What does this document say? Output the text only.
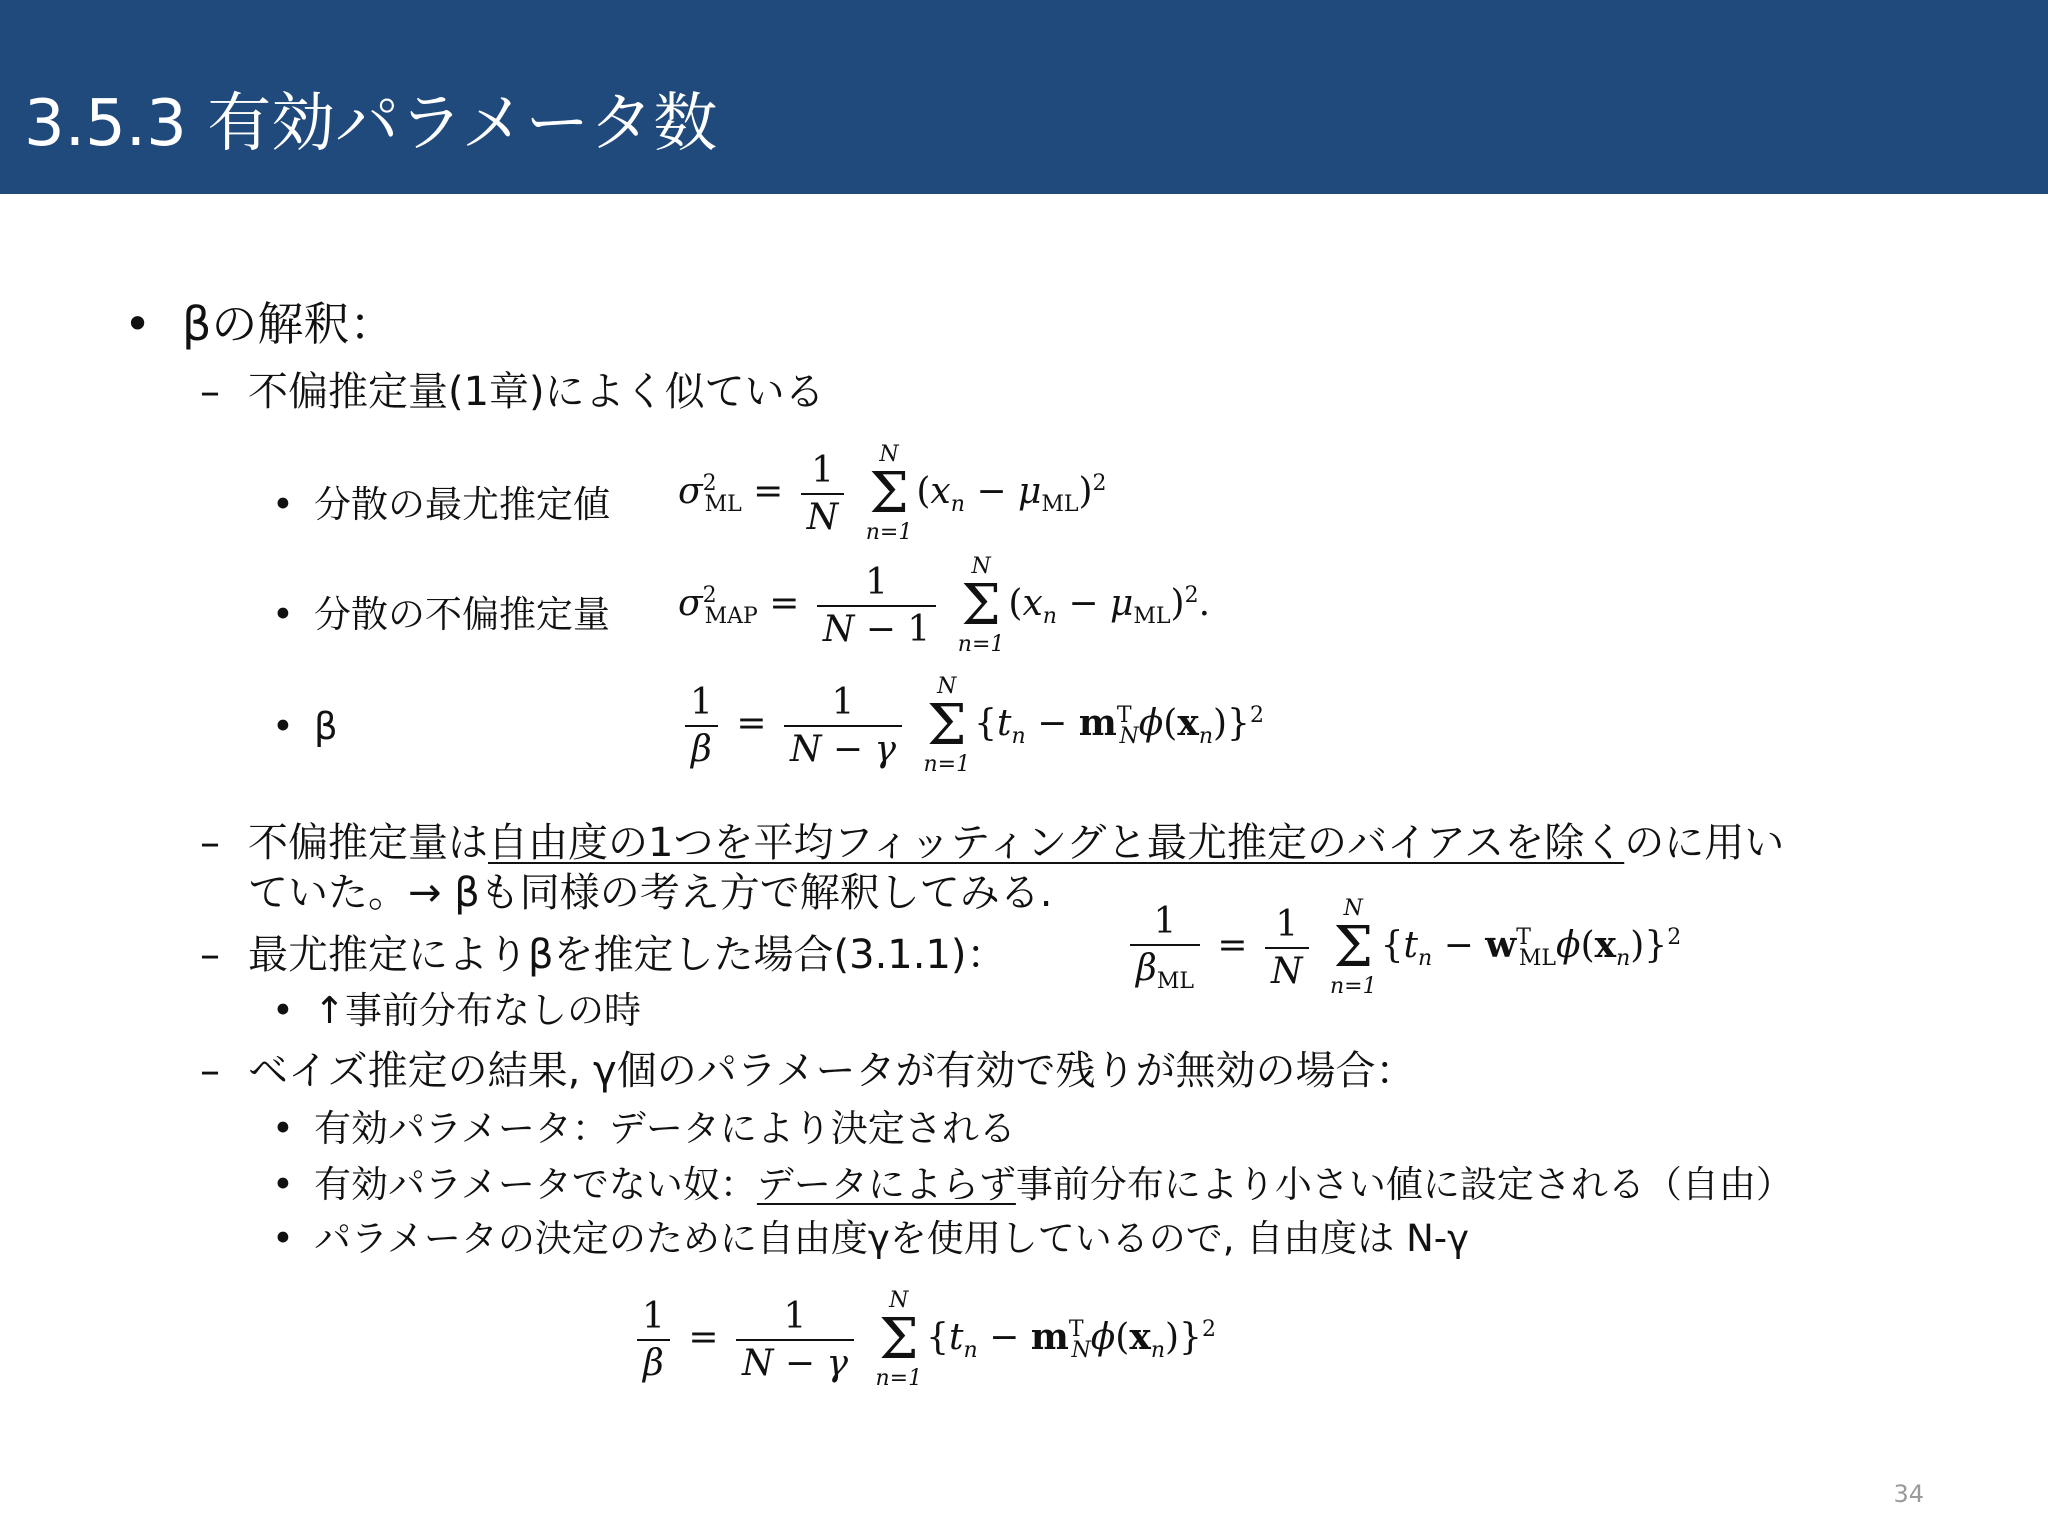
3.5.3 有効パラメータ数
• βの解釈：
– 不偏推定量(1章)によく似ている
• 分散の最尤推定値 $\sigma^2_{ML} = \frac{1}{N}$
N
Σ
n=1
$(x_n - \mu_{ML})^2$
• 分散の不偏推定量 $\sigma^2_{MAP} = \frac{1}{N - 1}$
N
Σ
n=1
$(x_n - \mu_{ML})^2$.
• β	$\frac{1}{\beta} = \frac{1}{N - \gamma}$
N
Σ
n=1
$\{t_n - m^T_N\phi(x_n)\}^2$
– 不偏推定量は自由度の1つを平均フィッティングと最尤推定のバイアスを除くのに用い
ていた。→ βも同様の考え方で解釈してみる.
– 最尤推定によりβを推定した場合(3.1.1)：	$\frac{1}{\beta_{ML}} = \frac{1}{N}$
N
Σ
n=1
$\{t_n - w^T_{ML}\phi(x_n)\}^2$
• ↑事前分布なしの時
– ベイズ推定の結果, γ個のパラメータが有効で残りが無効の場合：
• 有効パラメータ：データにより決定される
• 有効パラメータでない奴：データによらず事前分布により小さい値に設定される（自由）
• パラメータの決定のために自由度γを使用しているので, 自由度は N-γ
$\frac{1}{\beta} = \frac{1}{N - \gamma}$
N
Σ
n=1
$\{t_n - m^T_N\phi(x_n)\}^2$
34
